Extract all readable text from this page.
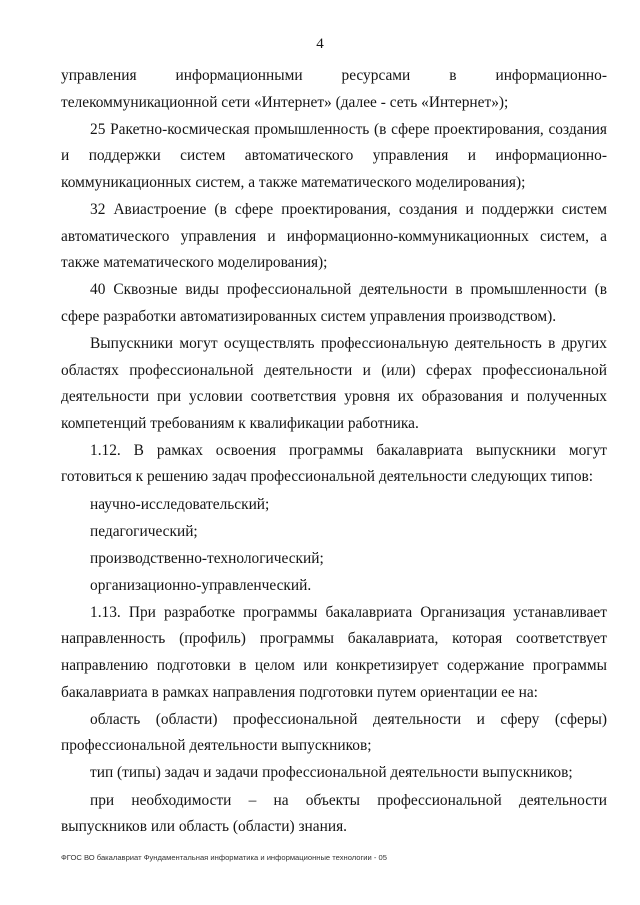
4

управления информационными ресурсами в информационно-телекоммуникационной сети «Интернет» (далее - сеть «Интернет»);

25 Ракетно-космическая промышленность (в сфере проектирования, создания и поддержки систем автоматического управления и информационно-коммуникационных систем, а также математического моделирования);

32 Авиастроение (в сфере проектирования, создания и поддержки систем автоматического управления и информационно-коммуникационных систем, а также математического моделирования);

40 Сквозные виды профессиональной деятельности в промышленности (в сфере разработки автоматизированных систем управления производством).

Выпускники могут осуществлять профессиональную деятельность в других областях профессиональной деятельности и (или) сферах профессиональной деятельности при условии соответствия уровня их образования и полученных компетенций требованиям к квалификации работника.

1.12. В рамках освоения программы бакалавриата выпускники могут готовиться к решению задач профессиональной деятельности следующих типов:

научно-исследовательский;

педагогический;

производственно-технологический;

организационно-управленческий.

1.13. При разработке программы бакалавриата Организация устанавливает направленность (профиль) программы бакалавриата, которая соответствует направлению подготовки в целом или конкретизирует содержание программы бакалавриата в рамках направления подготовки путем ориентации ее на:

область (области) профессиональной деятельности и сферу (сферы) профессиональной деятельности выпускников;

тип (типы) задач и задачи профессиональной деятельности выпускников;

при необходимости – на объекты профессиональной деятельности выпускников или область (области) знания.

ФГОС ВО бакалавриат Фундаментальная информатика и информационные технологии - 05
